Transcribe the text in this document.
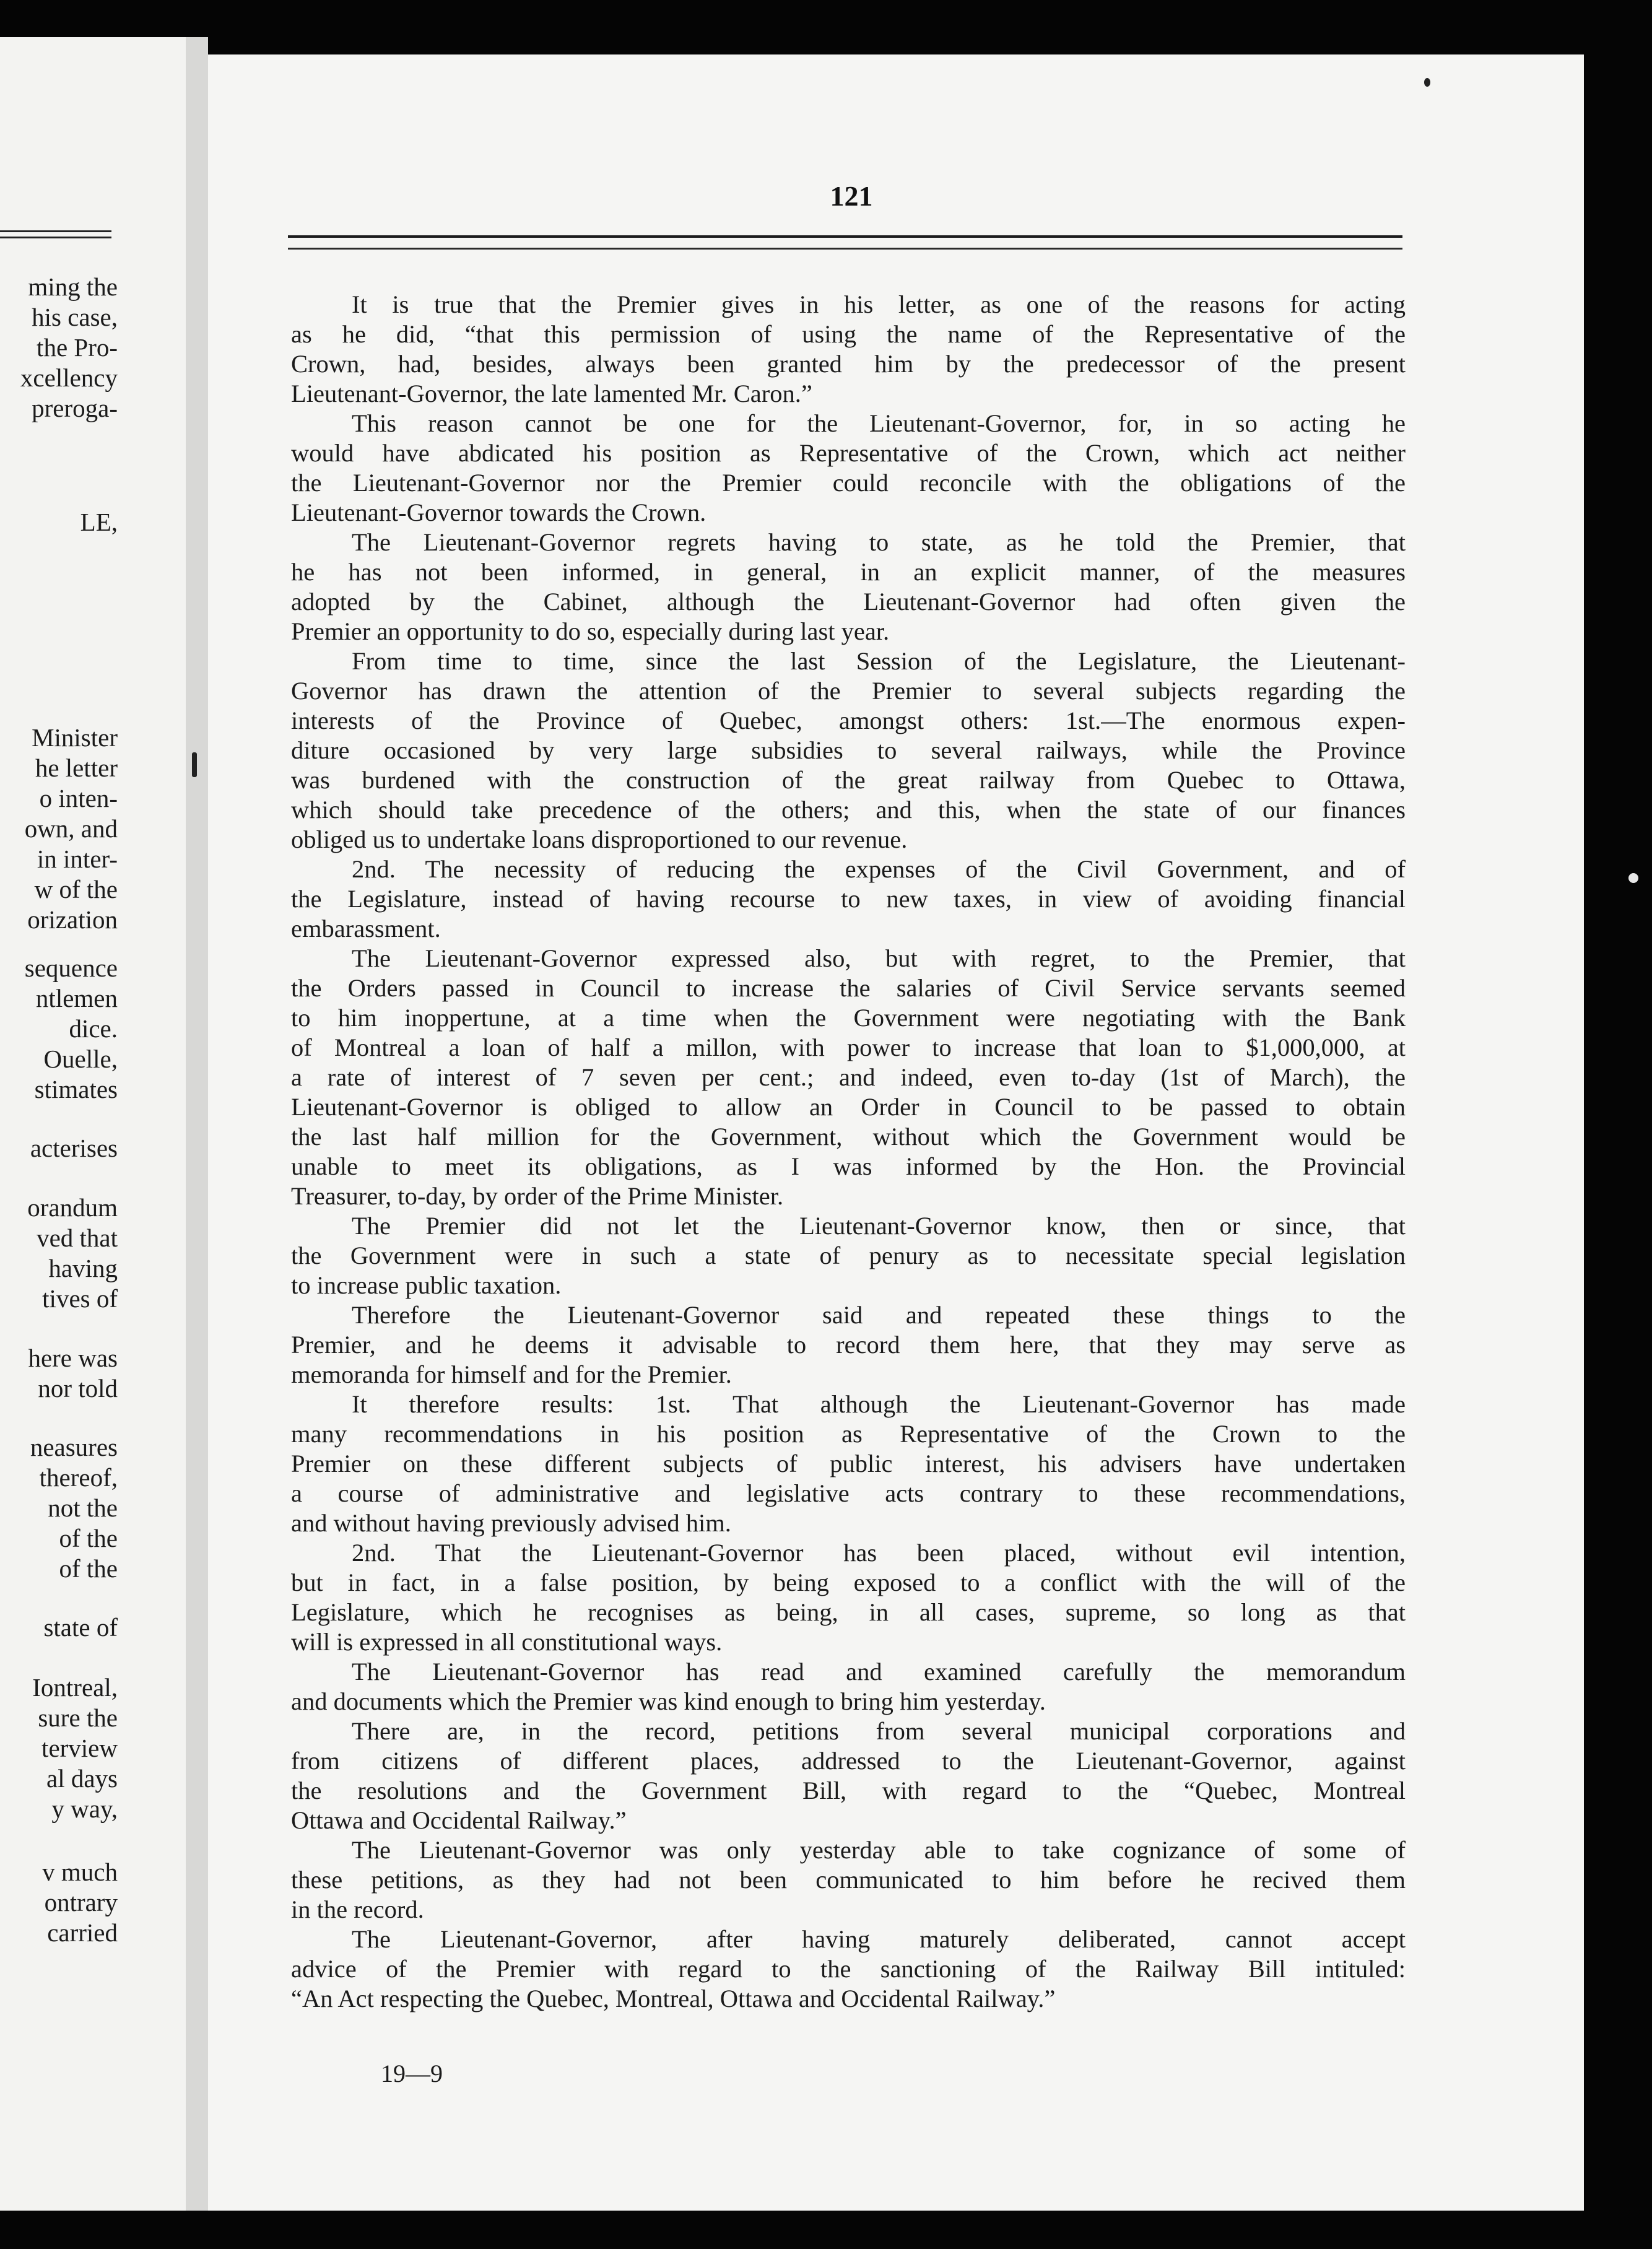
ming the
his case,
the Pro-
xcellency
preroga-
LE,
Minister
he letter
o inten-
own, and
in inter-
w of the
orization
sequence
ntlemen
dice.
Ouelle,
stimates
acterises
orandum
ved that
having
tives of
here was
nor told
neasures
thereof,
not the
of the
of the
state of
Iontreal,
sure the
terview
al days
y way,
v much
ontrary
carried
121
It is true that the Premier gives in his letter, as one of the reasons for acting
as he did, “that this permission of using the name of the Representative of the
Crown, had, besides, always been granted him by the predecessor of the present
Lieutenant-Governor, the late lamented Mr. Caron.”
This reason cannot be one for the Lieutenant-Governor, for, in so acting he
would have abdicated his position as Representative of the Crown, which act neither
the Lieutenant-Governor nor the Premier could reconcile with the obligations of the
Lieutenant-Governor towards the Crown.
The Lieutenant-Governor regrets having to state, as he told the Premier, that
he has not been informed, in general, in an explicit manner, of the measures
adopted by the Cabinet, although the Lieutenant-Governor had often given the
Premier an opportunity to do so, especially during last year.
From time to time, since the last Session of the Legislature, the Lieutenant-
Governor has drawn the attention of the Premier to several subjects regarding the
interests of the Province of Quebec, amongst others: 1st.—The enormous expen-
diture occasioned by very large subsidies to several railways, while the Province
was burdened with the construction of the great railway from Quebec to Ottawa,
which should take precedence of the others; and this, when the state of our finances
obliged us to undertake loans disproportioned to our revenue.
2nd. The necessity of reducing the expenses of the Civil Government, and of
the Legislature, instead of having recourse to new taxes, in view of avoiding financial
embarassment.
The Lieutenant-Governor expressed also, but with regret, to the Premier, that
the Orders passed in Council to increase the salaries of Civil Service servants seemed
to him inoppertune, at a time when the Government were negotiating with the Bank
of Montreal a loan of half a millon, with power to increase that loan to $1,000,000, at
a rate of interest of 7 seven per cent.; and indeed, even to-day (1st of March), the
Lieutenant-Governor is obliged to allow an Order in Council to be passed to obtain
the last half million for the Government, without which the Government would be
unable to meet its obligations, as I was informed by the Hon. the Provincial
Treasurer, to-day, by order of the Prime Minister.
The Premier did not let the Lieutenant-Governor know, then or since, that
the Government were in such a state of penury as to necessitate special legislation
to increase public taxation.
Therefore the Lieutenant-Governor said and repeated these things to the
Premier, and he deems it advisable to record them here, that they may serve as
memoranda for himself and for the Premier.
It therefore results: 1st. That although the Lieutenant-Governor has made
many recommendations in his position as Representative of the Crown to the
Premier on these different subjects of public interest, his advisers have undertaken
a course of administrative and legislative acts contrary to these recommendations,
and without having previously advised him.
2nd. That the Lieutenant-Governor has been placed, without evil intention,
but in fact, in a false position, by being exposed to a conflict with the will of the
Legislature, which he recognises as being, in all cases, supreme, so long as that
will is expressed in all constitutional ways.
The Lieutenant-Governor has read and examined carefully the memorandum
and documents which the Premier was kind enough to bring him yesterday.
There are, in the record, petitions from several municipal corporations and
from citizens of different places, addressed to the Lieutenant-Governor, against
the resolutions and the Government Bill, with regard to the “Quebec, Montreal
Ottawa and Occidental Railway.”
The Lieutenant-Governor was only yesterday able to take cognizance of some of
these petitions, as they had not been communicated to him before he recived them
in the record.
The Lieutenant-Governor, after having maturely deliberated, cannot accept
advice of the Premier with regard to the sanctioning of the Railway Bill intituled:
“An Act respecting the Quebec, Montreal, Ottawa and Occidental Railway.”
19—9
